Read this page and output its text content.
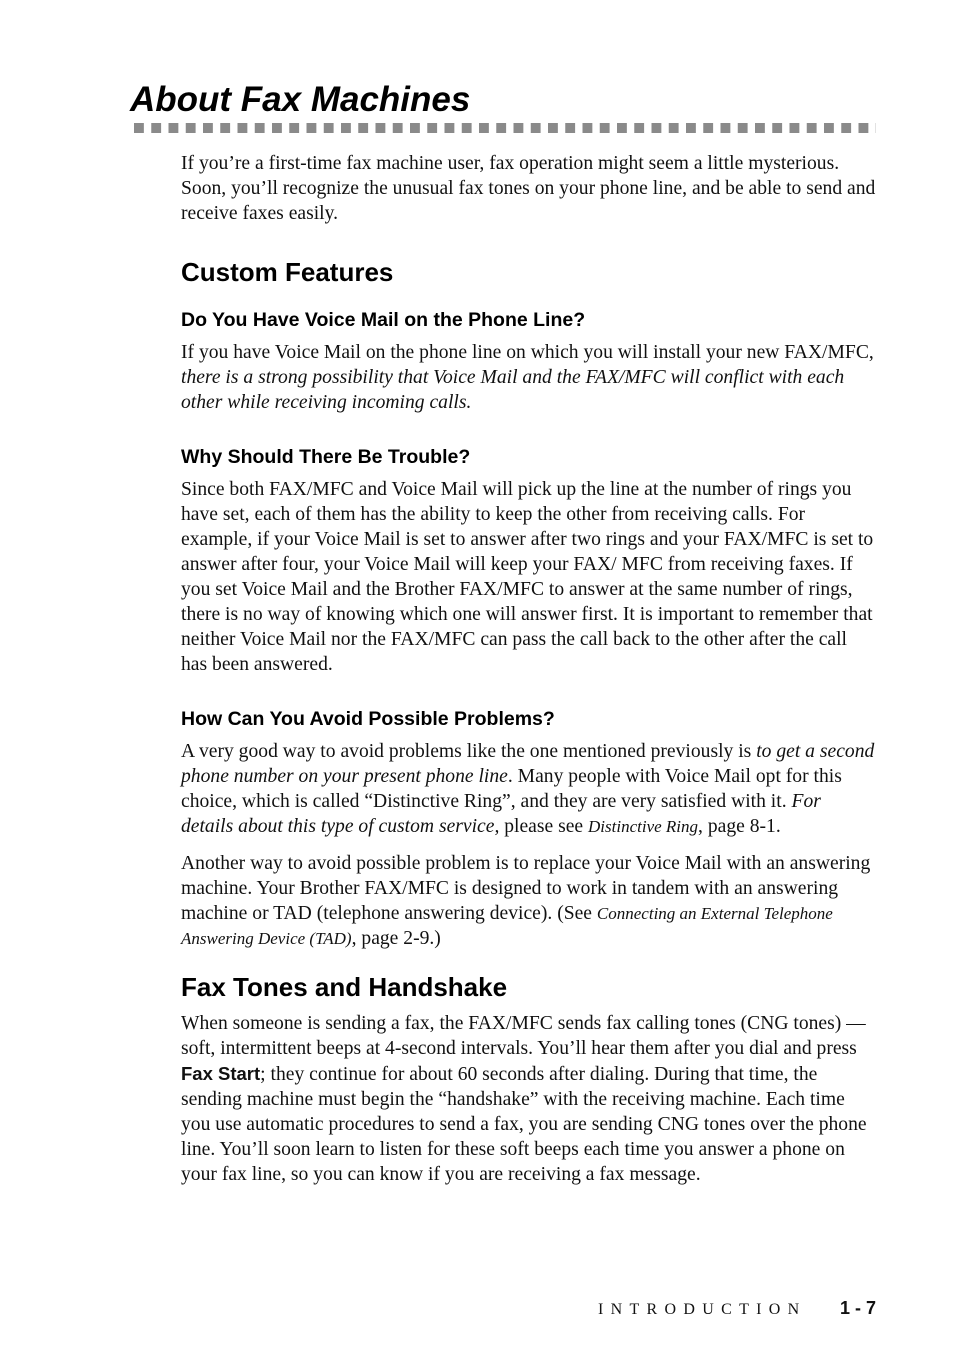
About Fax Machines

If you’re a first-time fax machine user, fax operation might seem a little mysterious. Soon, you’ll recognize the unusual fax tones on your phone line, and be able to send and receive faxes easily.

Custom Features
Do You Have Voice Mail on the Phone Line?

If you have Voice Mail on the phone line on which you will install your new FAX/MFC, there is a strong possibility that Voice Mail and the FAX/MFC will conflict with each other while receiving incoming calls.

Why Should There Be Trouble?

Since both FAX/MFC and Voice Mail will pick up the line at the number of rings you have set, each of them has the ability to keep the other from receiving calls. For example, if your Voice Mail is set to answer after two rings and your FAX/MFC is set to answer after four, your Voice Mail will keep your FAX/ MFC from receiving faxes. If you set Voice Mail and the Brother FAX/MFC to answer at the same number of rings, there is no way of knowing which one will answer first. It is important to remember that neither Voice Mail nor the FAX/MFC can pass the call back to the other after the call has been answered.

How Can You Avoid Possible Problems?

A very good way to avoid problems like the one mentioned previously is to get a second phone number on your present phone line. Many people with Voice Mail opt for this choice, which is called “Distinctive Ring”, and they are very satisfied with it. For details about this type of custom service, please see Distinctive Ring, page 8-1.

Another way to avoid possible problem is to replace your Voice Mail with an answering machine. Your Brother FAX/MFC is designed to work in tandem with an answering machine or TAD (telephone answering device). (See Connecting an External Telephone Answering Device (TAD), page 2-9.)

Fax Tones and Handshake

When someone is sending a fax, the FAX/MFC sends fax calling tones (CNG tones) — soft, intermittent beeps at 4-second intervals. You’ll hear them after you dial and press Fax Start; they continue for about 60 seconds after dialing. During that time, the sending machine must begin the “handshake” with the receiving machine. Each time you use automatic procedures to send a fax, you are sending CNG tones over the phone line. You’ll soon learn to listen for these soft beeps each time you answer a phone on your fax line, so you can know if you are receiving a fax message.

INTRODUCTION 1 - 7
